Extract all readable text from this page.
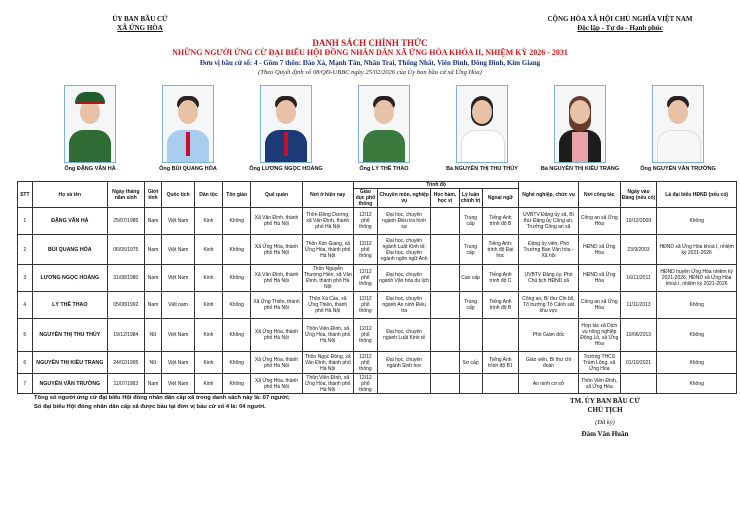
ỦY BAN BẦU CỬ
XÃ ỨNG HÒA
CỘNG HÒA XÃ HỘI CHỦ NGHĨA VIỆT NAM
Độc lập - Tự do - Hạnh phúc
DANH SÁCH CHÍNH THỨC
NHỮNG NGƯỜI ỨNG CỬ ĐẠI BIỂU HỘI ĐỒNG NHÂN DÂN XÃ ỨNG HÒA KHÓA II, NHIỆM KỲ 2026 - 2031
Đơn vị bầu cử số: 4 - Gồm 7 thôn: Đào Xá, Mạnh Tân, Nhân Trai, Thống Nhất, Viên Đình, Đông Đình, Kim Giang
(Theo Quyết định số 08/QĐ-UBBC ngày 25/02/2026 của Ủy ban bầu cử xã Ứng Hòa)
Ông ĐẶNG VĂN HÀ	Ông BÙI QUANG HÒA	Ông LƯƠNG NGỌC HOÀNG	Ông LÝ THẾ THAO	Bà NGUYỄN THỊ THU THỦY	Bà NGUYỄN THỊ KIỀU TRANG	Ông NGUYỄN VĂN TRƯỜNG
STT	Họ và tên	Ngày tháng năm sinh	Giới tính	Quốc tịch	Dân tộc	Tôn giáo	Quê quán	Nơi ở hiện nay	Trình độ					Nghề nghiệp, chức vụ	Nơi công tác	Ngày vào Đảng (nếu có)	Là đại biểu HĐND (nếu có)
									Giáo dục phổ thông	Chuyên môn, nghiệp vụ	Học hàm, học vị	Lý luận chính trị	Ngoại ngữ				
1	ĐẶNG VĂN HÀ	25/07/1985	Nam	Việt Nam	Kinh	Không	Xã Vân Đình, thành phố Hà Nội	Thôn Đông Dương, xã Vân Đình, thành phố Hà Nội	12/12 phổ thông	Đại học, chuyên ngành Điều tra hình sự		Trung cấp	Tiếng Anh trình độ B	UVBTV Đảng ủy xã, Bí thư Đảng ủy Công an, Trưởng Công an xã	Công an xã Ứng Hòa	10/12/2009	Không
2	BÙI QUANG HÒA	06/05/1975	Nam	Việt Nam	Kinh	Không	Xã Ứng Hòa, thành phố Hà Nội	Thôn Kim Giang, xã Ứng Hòa, thành phố Hà Nội	12/12 phổ thông	Đại học, chuyên ngành Luật Kinh tế; Đại học, chuyên ngành ngôn ngữ Anh		Trung cấp	Tiếng Anh: trình độ Đại học	Đảng ủy viên, Phó Trưởng Ban Văn hóa - Xã hội	HĐND xã Ứng Hòa	23/9/2003	HĐND xã Ứng Hòa khoá I, nhiệm kỳ 2021-2026
3	LƯƠNG NGỌC HOÀNG	31/08/1980	Nam	Việt Nam	Kinh	Không	Xã Vân Đình, thành phố Hà Nội	Thôn Nguyễn Thượng Hiền, xã Vân Đình, thành phố Hà Nội	12/12 phổ thông	Đại học, chuyên ngành Văn hóa du lịch		Cao cấp	Tiếng Anh trình độ C	UVBTV Đảng ủy, Phó Chủ tịch HĐND xã	HĐND xã Ứng Hòa	16/11/2011	HĐND huyện Ứng Hòa nhiệm kỳ 2021-2026; HĐND xã Ứng Hòa khoá I, nhiệm kỳ 2021-2026
4	LÝ THẾ THAO	05/08/1992	Nam	Việt nam	Kinh	Không	Xã Ứng Thiên, thành phố Hà Nội	Thôn Xà Cầu, xã Ứng Thiên, thành phố Hà Nội	12/12 phổ thông	Đại học, chuyên ngành An ninh Điều tra		Trung cấp	Tiếng Anh trình độ B	Công an, Bí thư Chi bộ, Tổ trưởng Tổ Cảnh sát khu vực	Công an xã Ứng Hòa	11/11/2013	Không
5	NGUYỄN THỊ THU THỦY	19/12/1984	Nữ	Việt Nam	Kinh	Không	Xã Ứng Hòa, thành phố Hà Nội	Thôn Viên Đình, xã Ứng Hòa, thành phố Hà Nội	12/12 phổ thông	Đại học, chuyên ngành Luật Kinh tế				Phó Giám đốc	Hợp tác xã Dịch vụ nông nghiệp Đông Lỗ, xã Ứng Hòa	10/06/2013	Không
6	NGUYỄN THỊ KIỀU TRANG	24/02/1995	Nữ	Việt Nam	Kinh	Không	Xã Ứng Hòa, thành phố Hà Nội	Thôn Ngọc Động, xã Vân Đình, thành phố Hà Nội	12/12 phổ thông	Đại học, chuyên ngành Sinh học		Sơ cấp	Tiếng Anh trình độ B1	Giáo viên, Bí thư chi đoàn	Trường THCS Trầm Lộng, xã Ứng Hòa	01/10/2021	Không
7	NGUYỄN VĂN TRƯỜNG	11/07/1983	Nam	Việt Nam	Kinh	Không	Xã Ứng Hòa, thành phố Hà Nội	Thôn Viên Đình, xã Ứng Hòa, thành phố Hà Nội	12/12 phổ thông					An ninh cơ sở	Thôn Viên Đình, xã Ứng Hòa		Không
Tổng số người ứng cử đại biểu Hội đồng nhân dân cấp xã trong danh sách này là: 07 người;
Số đại biểu Hội đồng nhân dân cấp xã được bầu tại đơn vị bầu cử số 4 là: 04 người.
TM. ỦY BAN BẦU CỬ
CHỦ TỊCH
(Đã ký)
Đàm Văn Huân
